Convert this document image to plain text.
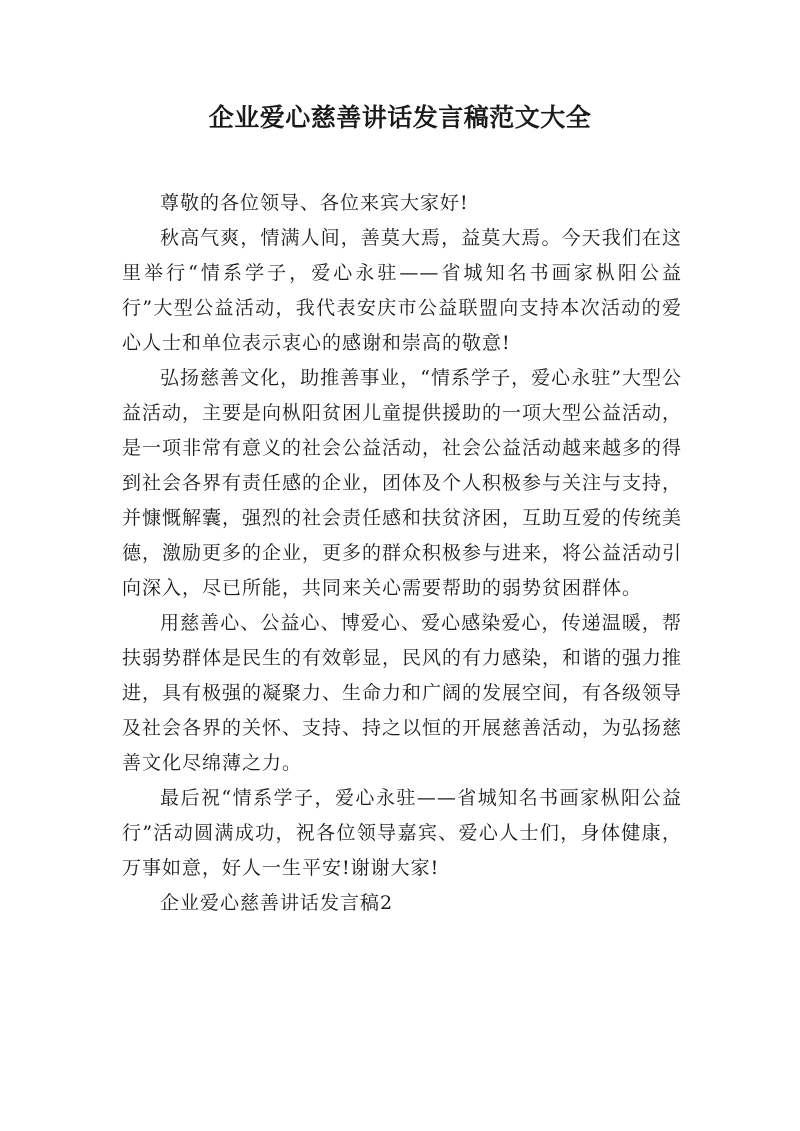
企业爱心慈善讲话发言稿范文大全

尊敬的各位领导、各位来宾大家好!

秋高气爽，情满人间，善莫大焉，益莫大焉。今天我们在这里举行“情系学子，爱心永驻——省城知名书画家枞阳公益行”大型公益活动，我代表安庆市公益联盟向支持本次活动的爱心人士和单位表示衷心的感谢和崇高的敬意!

弘扬慈善文化，助推善事业，“情系学子，爱心永驻”大型公益活动，主要是向枞阳贫困儿童提供援助的一项大型公益活动，是一项非常有意义的社会公益活动，社会公益活动越来越多的得到社会各界有责任感的企业，团体及个人积极参与关注与支持，并慷慨解囊，强烈的社会责任感和扶贫济困，互助互爱的传统美德，激励更多的企业，更多的群众积极参与进来，将公益活动引向深入，尽已所能，共同来关心需要帮助的弱势贫困群体。

用慈善心、公益心、博爱心、爱心感染爱心，传递温暖，帮扶弱势群体是民生的有效彰显，民风的有力感染，和谐的强力推进，具有极强的凝聚力、生命力和广阔的发展空间，有各级领导及社会各界的关怀、支持、持之以恒的开展慈善活动，为弘扬慈善文化尽绵薄之力。

最后祝“情系学子，爱心永驻——省城知名书画家枞阳公益行”活动圆满成功，祝各位领导嘉宾、爱心人士们，身体健康，万事如意，好人一生平安!谢谢大家!

企业爱心慈善讲话发言稿2
